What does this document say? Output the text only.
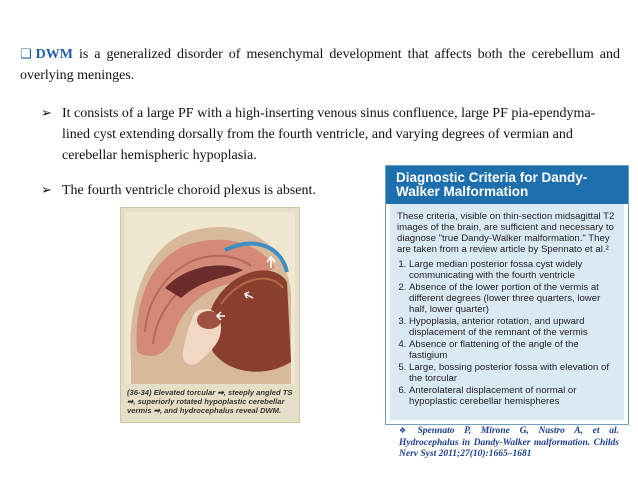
❑ DWM is a generalized disorder of mesenchymal development that affects both the cerebellum and overlying meninges.
➢ It consists of a large PF with a high-inserting venous sinus confluence, large PF pia-ependyma-lined cyst extending dorsally from the fourth ventricle, and varying degrees of vermian and cerebellar hemispheric hypoplasia.
➢ The fourth ventricle choroid plexus is absent.
(36-34) Elevated torcular ➡, steeply angled TS ➡, superiorly rotated hypoplastic cerebellar vermis ➡, and hydrocephalus reveal DWM.
Diagnostic Criteria for Dandy-Walker Malformation

These criteria, visible on thin-section midsagittal T2 images of the brain, are sufficient and necessary to diagnose "true Dandy-Walker malformation." They are taken from a review article by Spennato et al.²

1. Large median posterior fossa cyst widely communicating with the fourth ventricle
2. Absence of the lower portion of the vermis at different degrees (lower three quarters, lower half, lower quarter)
3. Hypoplasia, anterior rotation, and upward displacement of the remnant of the vermis
4. Absence or flattening of the angle of the fastigium
5. Large, bossing posterior fossa with elevation of the torcular
6. Anterolateral displacement of normal or hypoplastic cerebellar hemispheres
❖ Spennato P, Mirone G, Nastro A, et al. Hydrocephalus in Dandy-Walker malformation. Childs Nerv Syst 2011;27(10):1665–1681
